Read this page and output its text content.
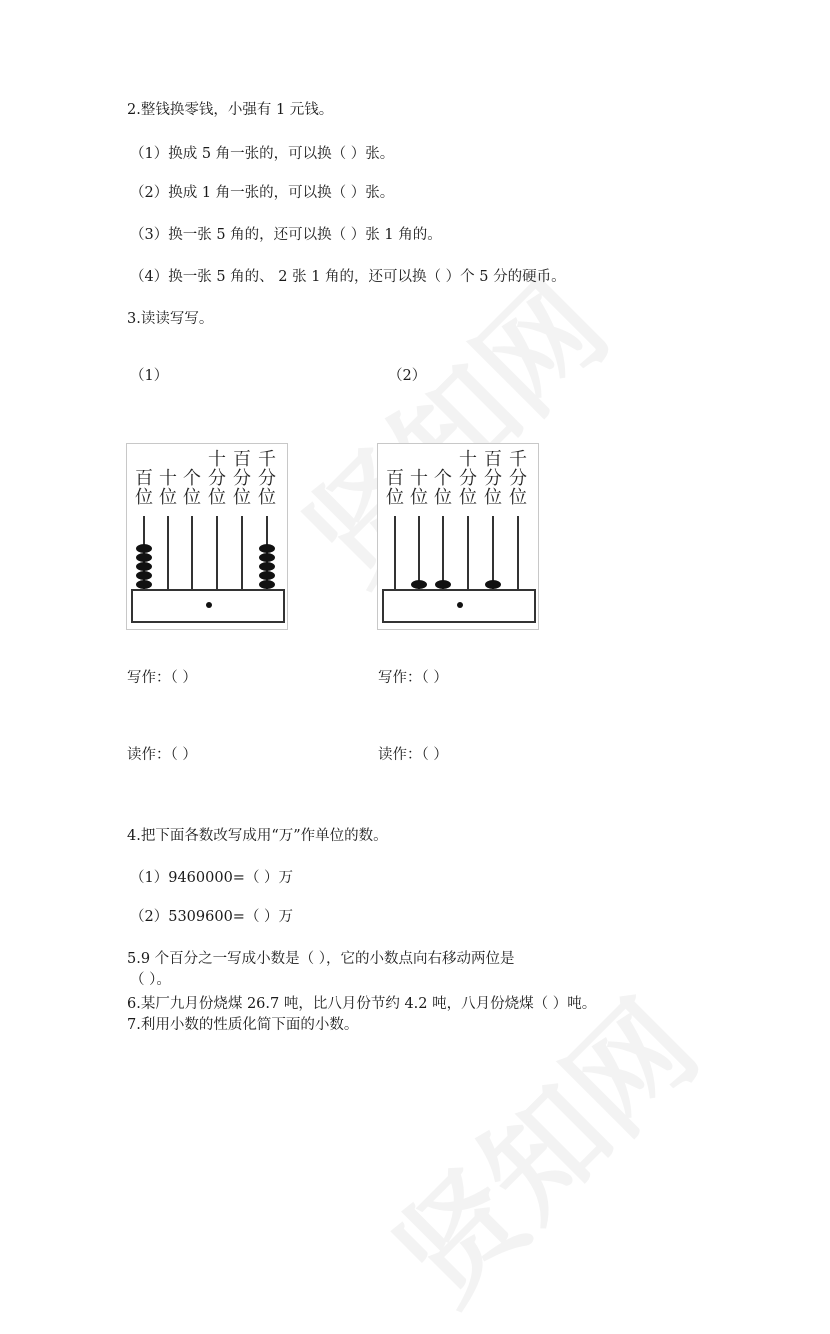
2.整钱换零钱，小强有 1 元钱。
（1）换成 5 角一张的，可以换（ ）张。
（2）换成 1 角一张的，可以换（ ）张。
（3）换一张 5 角的，还可以换（ ）张 1 角的。
（4）换一张 5 角的、 2 张 1 角的，还可以换（ ）个 5 分的硬币。
3.读读写写。
（1）	（2）
百
位
十
位
个
位
十
分
位
百
分
位
千
分
位
百
位
十
位
个
位
十
分
位
百
分
位
千
分
位
写作：（ ）	写作：（ ）
读作：（ ）	读作：（ ）
4.把下面各数改写成用“万”作单位的数。
（1）9460000=（ ）万
（2）5309600=（ ）万
5.9 个百分之一写成小数是（ ），它的小数点向右移动两位是
（ ）。
6.某厂九月份烧煤 26.7 吨，比八月份节约 4.2 吨，八月份烧煤（ ）吨。
7.利用小数的性质化简下面的小数。
